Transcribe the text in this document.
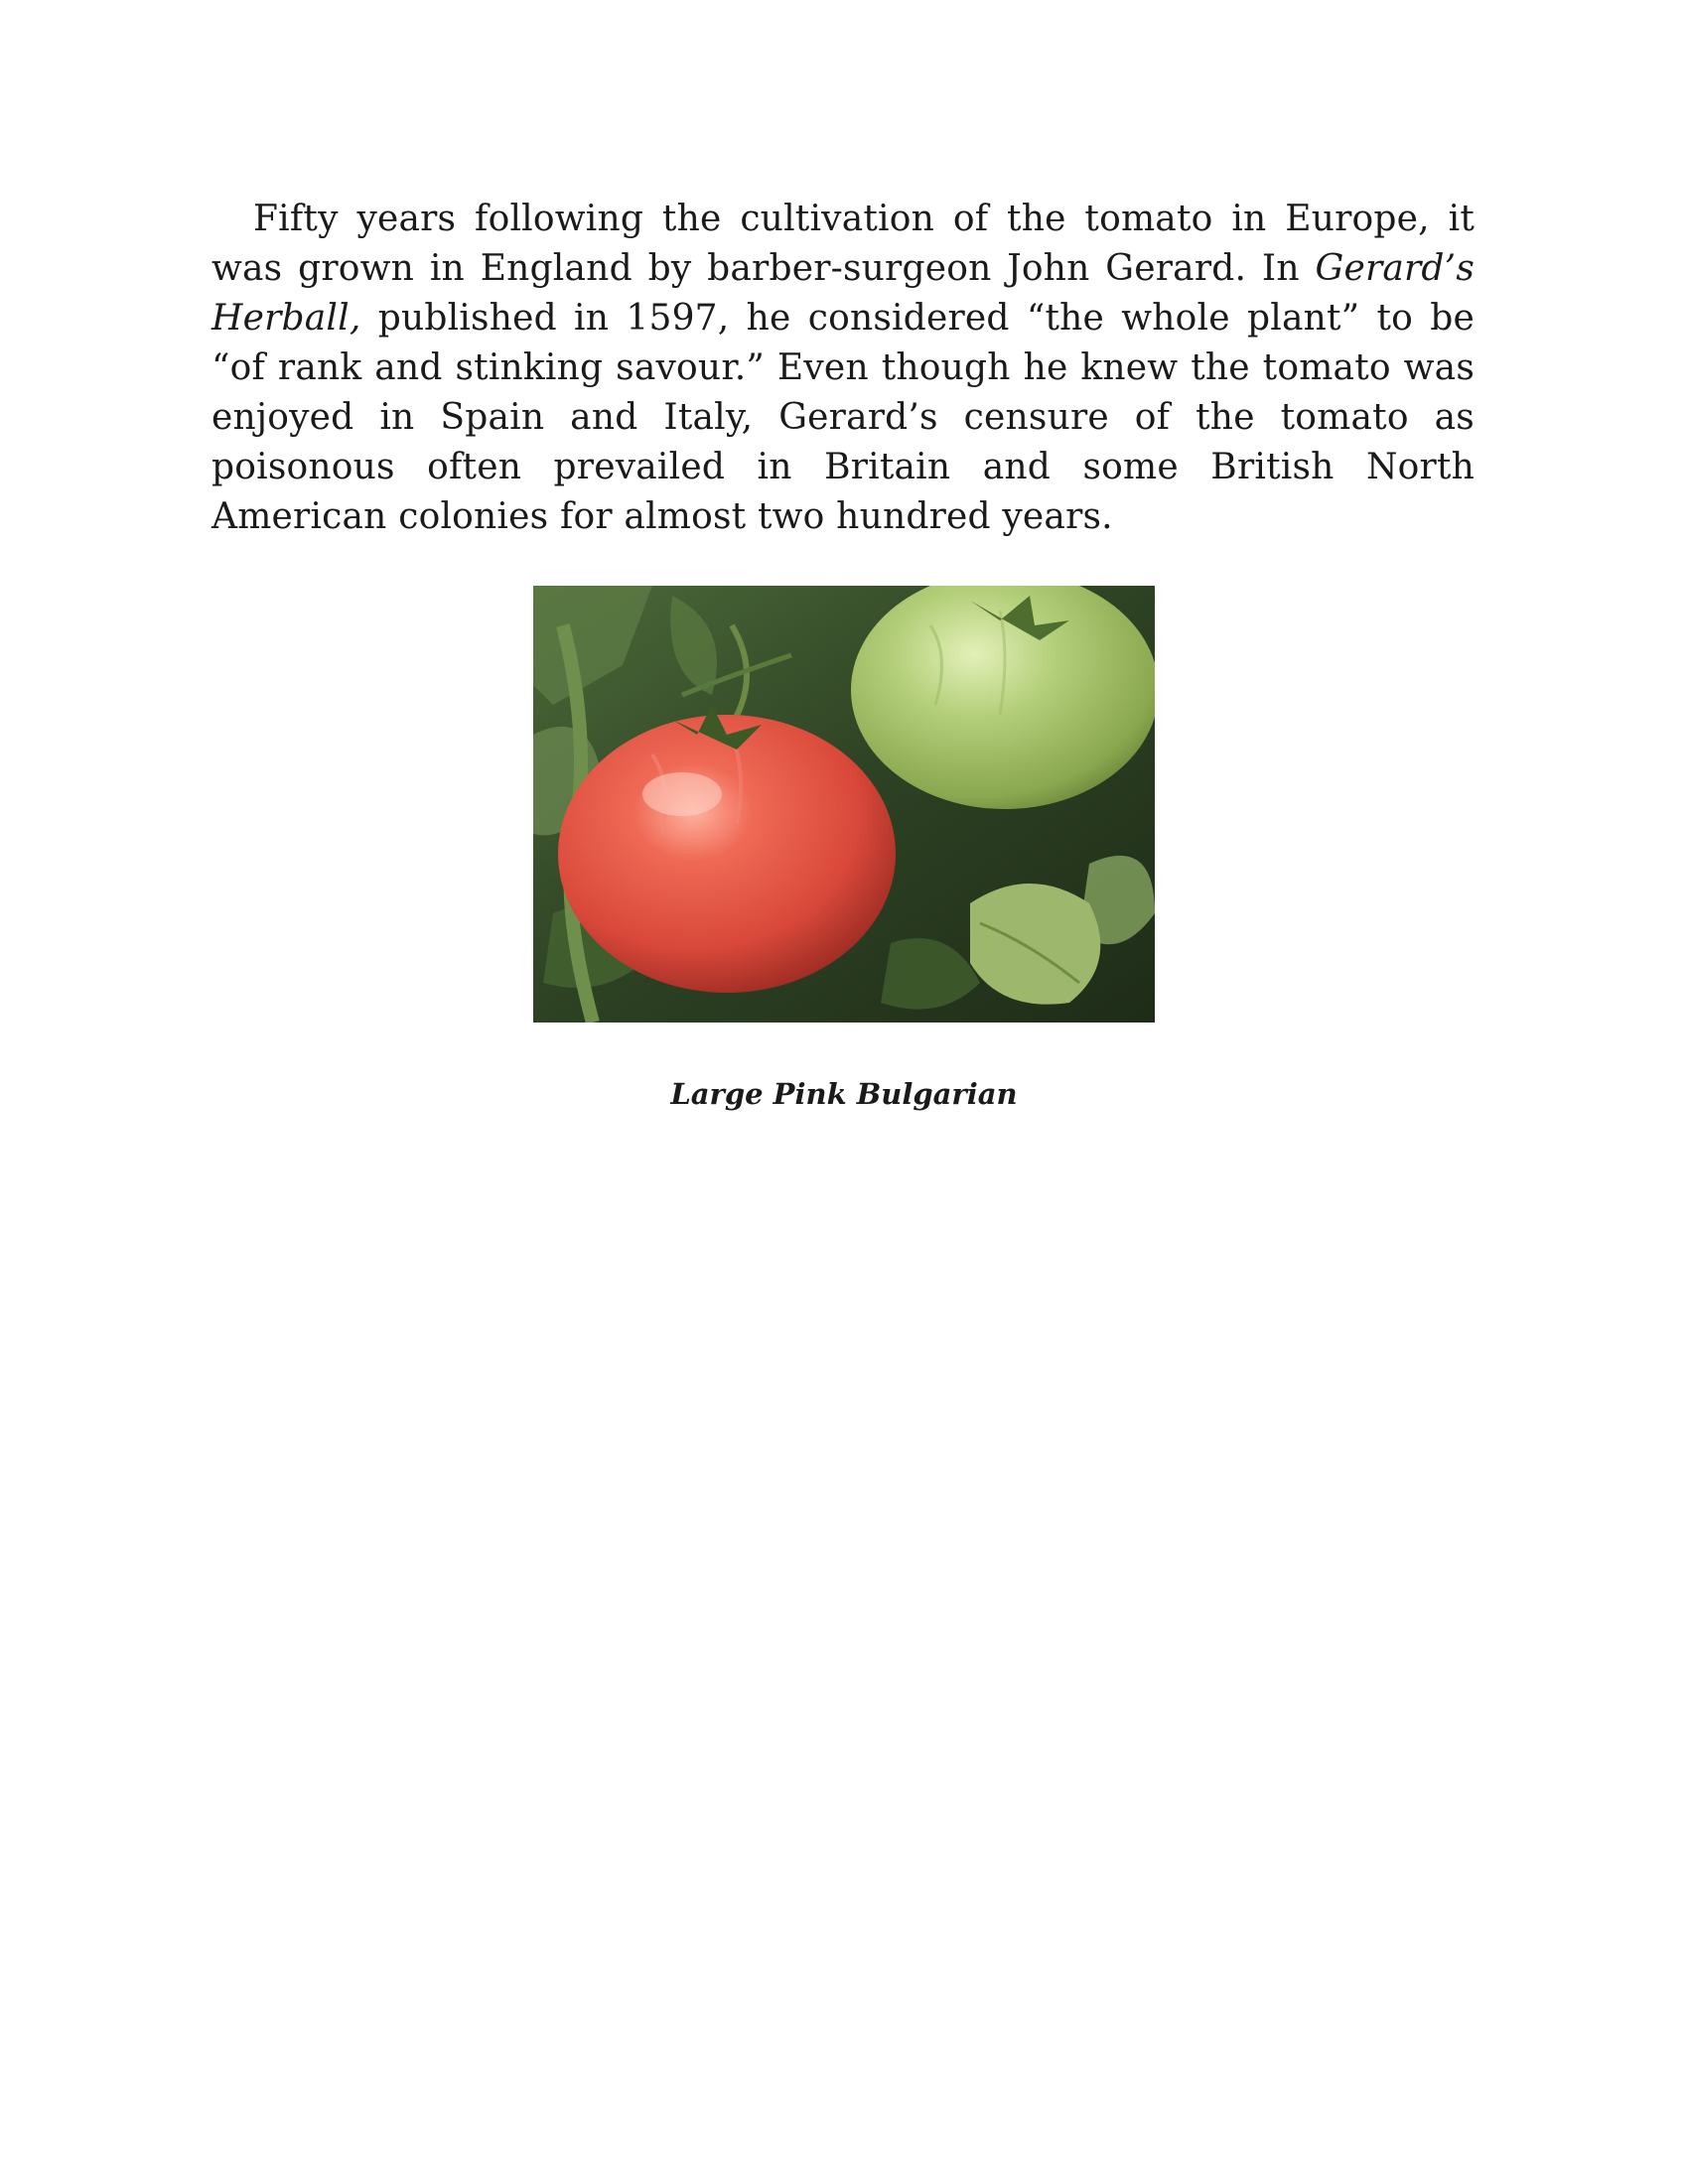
Fifty years following the cultivation of the tomato in Europe, it was grown in England by barber-surgeon John Gerard. In Gerard’s Herball, published in 1597, he considered “the whole plant” to be “of rank and stinking savour.” Even though he knew the tomato was enjoyed in Spain and Italy, Gerard’s censure of the tomato as poisonous often prevailed in Britain and some British North American colonies for almost two hundred years.

Large Pink Bulgarian
